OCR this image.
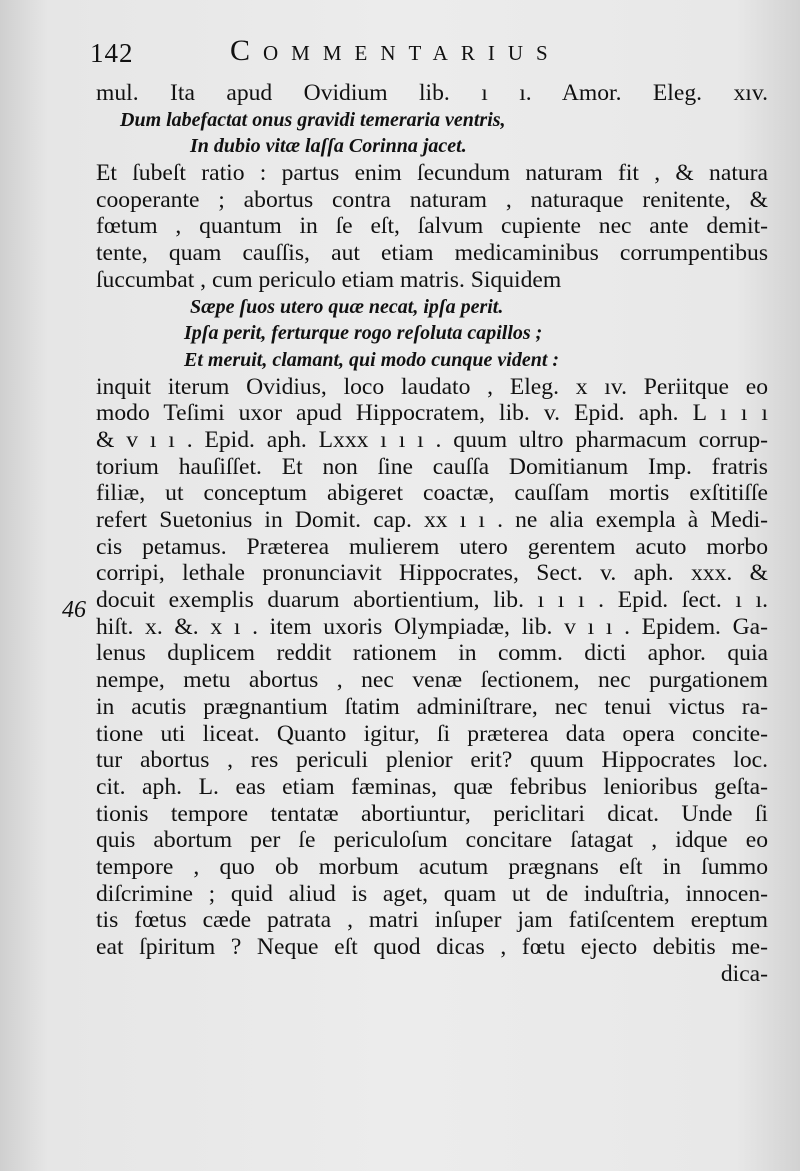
142	Commentarius
46
mul. Ita apud Ovidium lib. ı ı. Amor. Eleg. xıv.
Dum labefactat onus gravidi temeraria ventris,
In dubio vitæ laſſa Corinna jacet.
Et ſubeſt ratio : partus enim ſecundum naturam fit , & natura
cooperante ; abortus contra naturam , naturaque renitente, &
fœtum , quantum in ſe eſt, ſalvum cupiente nec ante demit-
tente, quam cauſſis, aut etiam medicaminibus corrumpentibus
ſuccumbat , cum periculo etiam matris. Siquidem
Sæpe ſuos utero quæ necat, ipſa perit.
Ipſa perit, ferturque rogo reſoluta capillos ;
Et meruit, clamant, qui modo cunque vident :
inquit iterum Ovidius, loco laudato , Eleg. x ıv. Periitque eo
modo Teſimi uxor apud Hippocratem, lib. v. Epid. aph. L ı ı ı
& v ı ı . Epid. aph. Lxxx ı ı ı . quum ultro pharmacum corrup-
torium hauſiſſet. Et non ſine cauſſa Domitianum Imp. fratris
filiæ, ut conceptum abigeret coactæ, cauſſam mortis exſtitiſſe
refert Suetonius in Domit. cap. xx ı ı . ne alia exempla à Medi-
cis petamus. Præterea mulierem utero gerentem acuto morbo
corripi, lethale pronunciavit Hippocrates, Sect. v. aph. xxx. &
docuit exemplis duarum abortientium, lib. ı ı ı . Epid. ſect. ı ı.
hiſt. x. &. x ı . item uxoris Olympiadæ, lib. v ı ı . Epidem. Ga-
lenus duplicem reddit rationem in comm. dicti aphor. quia
nempe, metu abortus , nec venæ ſectionem, nec purgationem
in acutis prægnantium ſtatim adminiſtrare, nec tenui victus ra-
tione uti liceat. Quanto igitur, ſi præterea data opera concite-
tur abortus , res periculi plenior erit? quum Hippocrates loc.
cit. aph. L. eas etiam fæminas, quæ febribus lenioribus geſta-
tionis tempore tentatæ abortiuntur, periclitari dicat. Unde ſi
quis abortum per ſe periculoſum concitare ſatagat , idque eo
tempore , quo ob morbum acutum prægnans eſt in ſummo
diſcrimine ; quid aliud is aget, quam ut de induſtria, innocen-
tis fœtus cæde patrata , matri inſuper jam fatiſcentem ereptum
eat ſpiritum ? Neque eſt quod dicas , fœtu ejecto debitis me-
dica-
